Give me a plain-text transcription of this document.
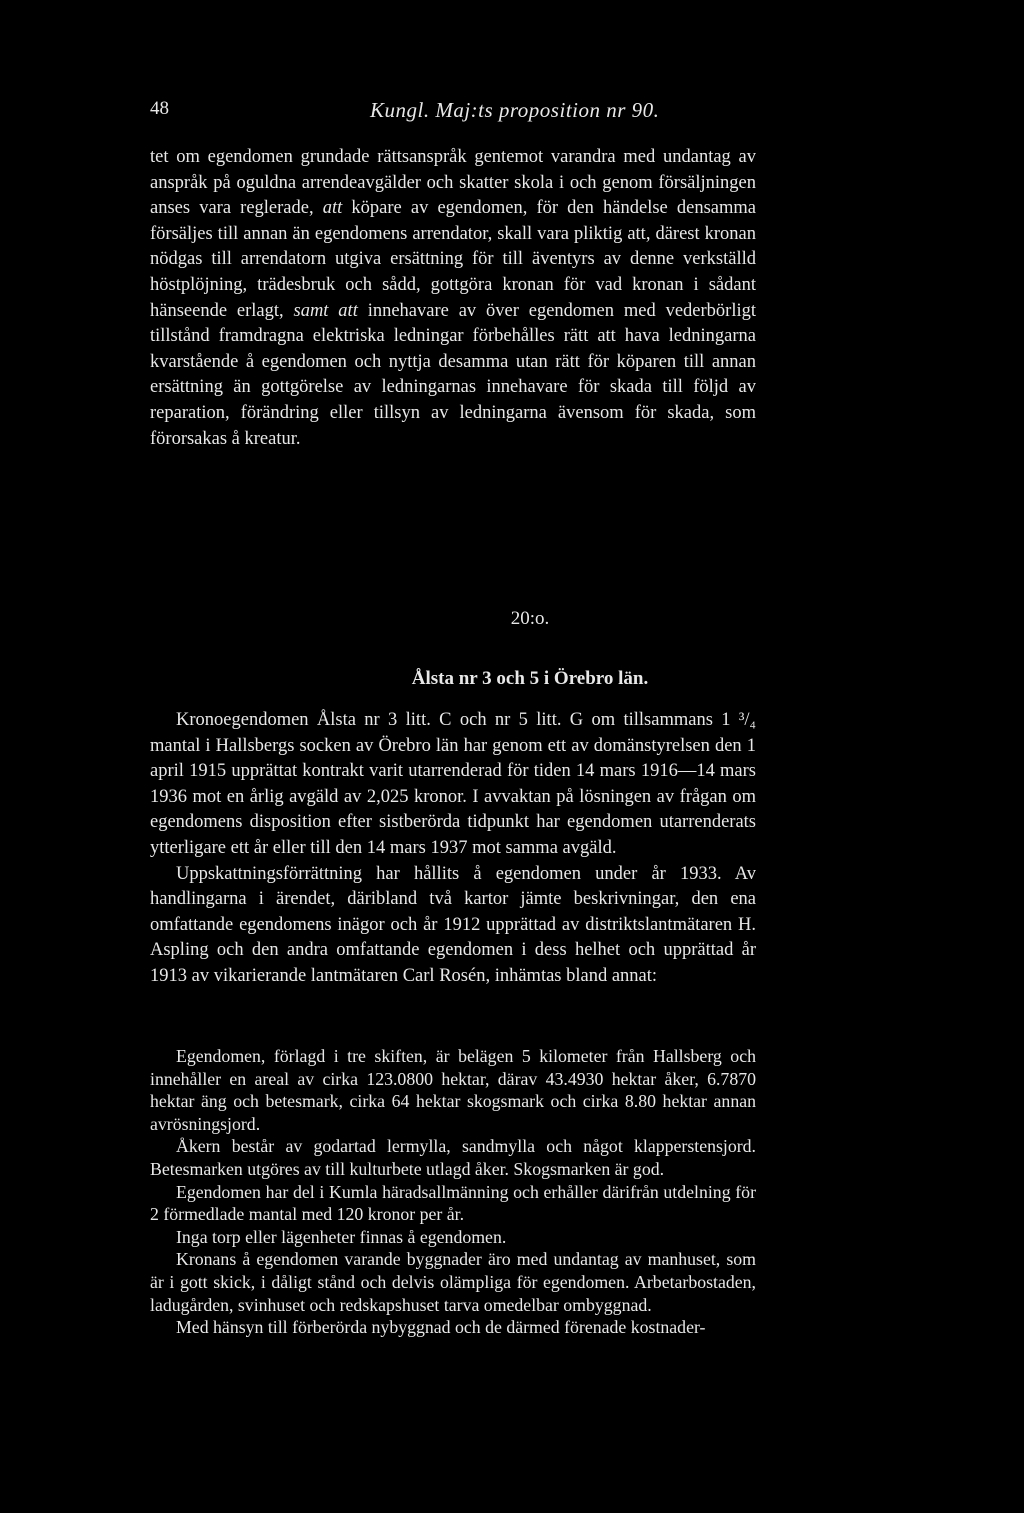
48	Kungl. Maj:ts proposition nr 90.

tet om egendomen grundade rättsanspråk gentemot varandra med undantag av anspråk på oguldna arrendeavgälder och skatter skola i och genom försäljningen anses vara reglerade, att köpare av egendomen, för den händelse densamma försäljes till annan än egendomens arrendator, skall vara pliktig att, därest kronan nödgas till arrendatorn utgiva ersättning för till äventyrs av denne verkställd höstplöjning, trädesbruk och sådd, gottgöra kronan för vad kronan i sådant hänseende erlagt, samt att innehavare av över egendomen med vederbörligt tillstånd framdragna elektriska ledningar förbehålles rätt att hava ledningarna kvarstående å egendomen och nyttja desamma utan rätt för köparen till annan ersättning än gottgörelse av ledningarnas innehavare för skada till följd av reparation, förändring eller tillsyn av ledningarna ävensom för skada, som förorsakas å kreatur.

20:o.
Ålsta nr 3 och 5 i Örebro län.

Kronoegendomen Ålsta nr 3 litt. C och nr 5 litt. G om tillsammans 1 ³/₄ mantal i Hallsbergs socken av Örebro län har genom ett av domänstyrelsen den 1 april 1915 upprättat kontrakt varit utarrenderad för tiden 14 mars 1916—14 mars 1936 mot en årlig avgäld av 2,025 kronor. I avvaktan på lösningen av frågan om egendomens disposition efter sistberörda tidpunkt har egendomen utarrenderats ytterligare ett år eller till den 14 mars 1937 mot samma avgäld.

Uppskattningsförrättning har hållits å egendomen under år 1933. Av handlingarna i ärendet, däribland två kartor jämte beskrivningar, den ena omfattande egendomens inägor och år 1912 upprättad av distriktslantmätaren H. Aspling och den andra omfattande egendomen i dess helhet och upprättad år 1913 av vikarierande lantmätaren Carl Rosén, inhämtas bland annat:

Egendomen, förlagd i tre skiften, är belägen 5 kilometer från Hallsberg och innehåller en areal av cirka 123.0800 hektar, därav 43.4930 hektar åker, 6.7870 hektar äng och betesmark, cirka 64 hektar skogsmark och cirka 8.80 hektar annan avrösningsjord.

Åkern består av godartad lermylla, sandmylla och något klapperstensjord. Betesmarken utgöres av till kulturbete utlagd åker. Skogsmarken är god.

Egendomen har del i Kumla häradsallmänning och erhåller därifrån utdelning för 2 förmedlade mantal med 120 kronor per år.

Inga torp eller lägenheter finnas å egendomen.

Kronans å egendomen varande byggnader äro med undantag av manhuset, som är i gott skick, i dåligt stånd och delvis olämpliga för egendomen. Arbetarbostaden, ladugården, svinhuset och redskapshuset tarva omedelbar ombyggnad.

Med hänsyn till förberörda nybyggnad och de därmed förenade kostnader-
